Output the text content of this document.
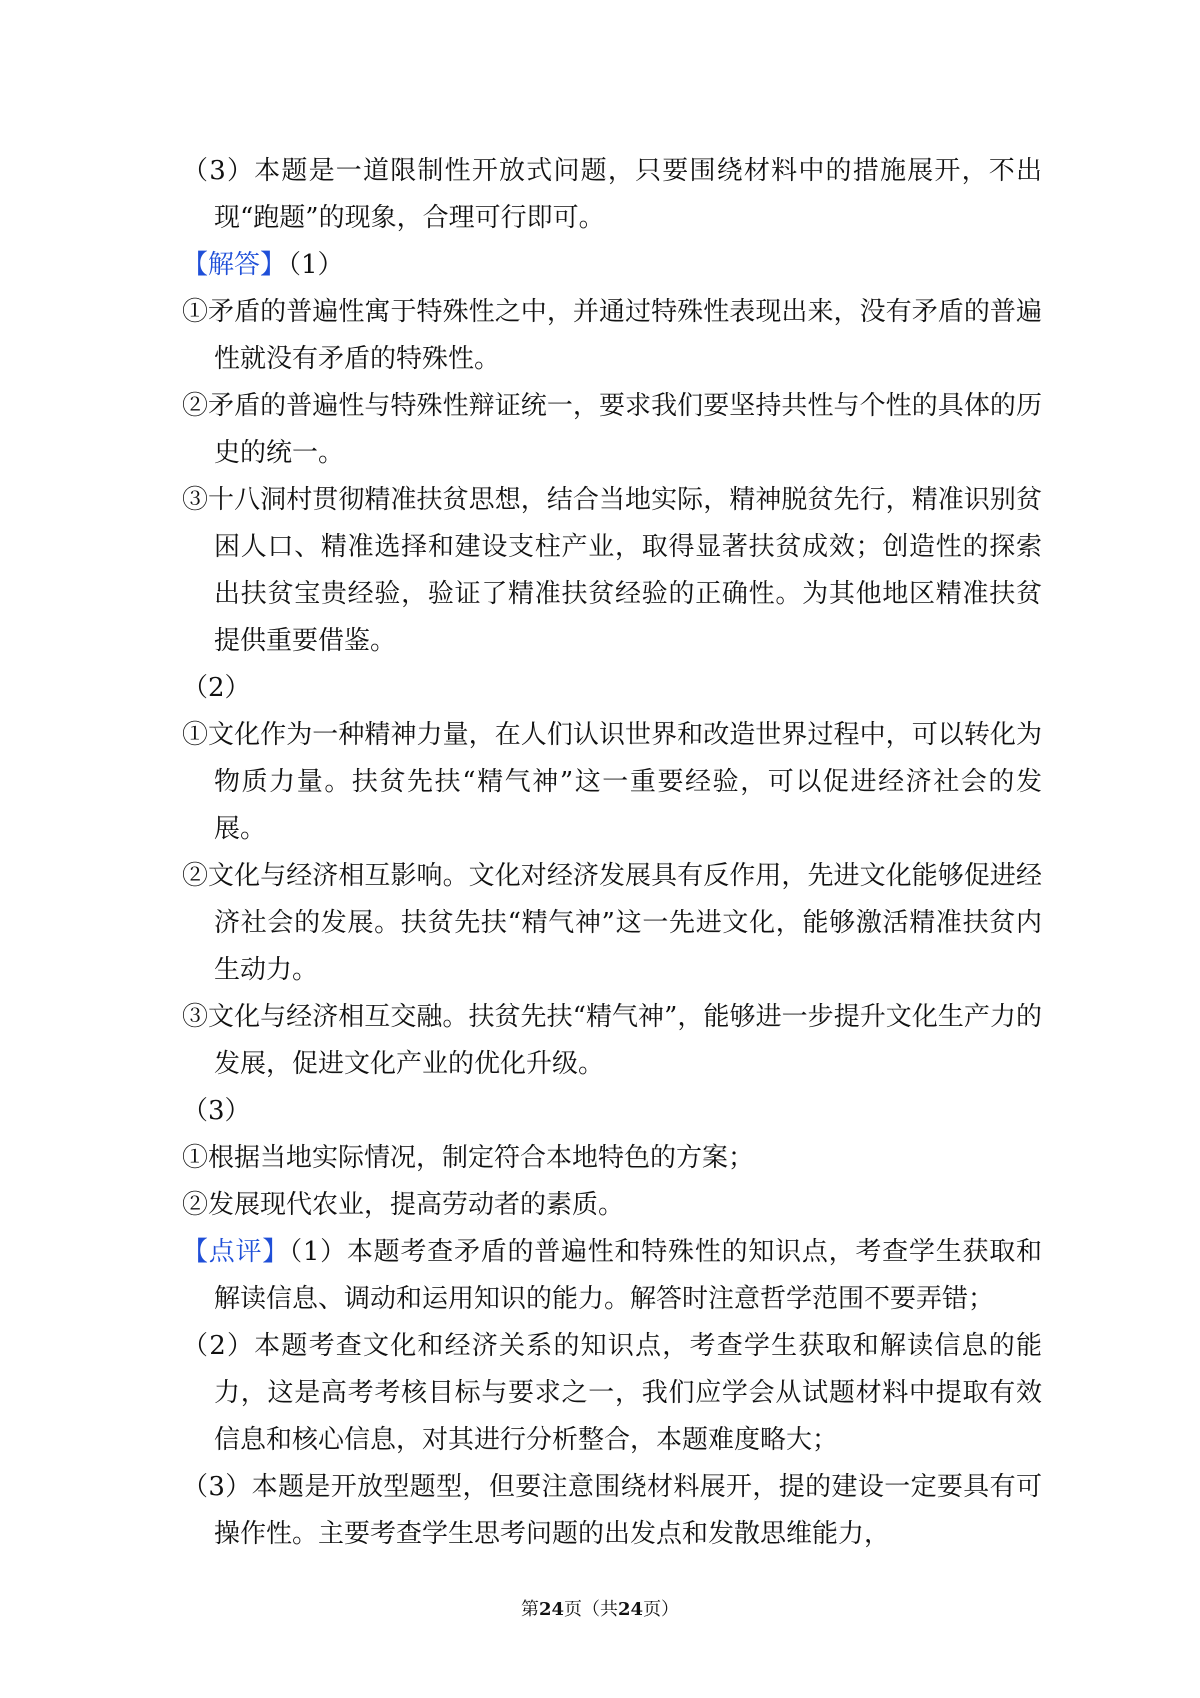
（3）本题是一道限制性开放式问题，只要围绕材料中的措施展开，不出现“跑题”的现象，合理可行即可。

【解答】（1）

①矛盾的普遍性寓于特殊性之中，并通过特殊性表现出来，没有矛盾的普遍性就没有矛盾的特殊性。

②矛盾的普遍性与特殊性辩证统一，要求我们要坚持共性与个性的具体的历史的统一。

③十八洞村贯彻精准扶贫思想，结合当地实际，精神脱贫先行，精准识别贫困人口、精准选择和建设支柱产业，取得显著扶贫成效；创造性的探索出扶贫宝贵经验，验证了精准扶贫经验的正确性。为其他地区精准扶贫提供重要借鉴。

（2）

①文化作为一种精神力量，在人们认识世界和改造世界过程中，可以转化为物质力量。扶贫先扶“精气神”这一重要经验，可以促进经济社会的发展。

②文化与经济相互影响。文化对经济发展具有反作用，先进文化能够促进经济社会的发展。扶贫先扶“精气神”这一先进文化，能够激活精准扶贫内生动力。

③文化与经济相互交融。扶贫先扶“精气神”，能够进一步提升文化生产力的发展，促进文化产业的优化升级。

（3）

①根据当地实际情况，制定符合本地特色的方案；

②发展现代农业，提高劳动者的素质。

【点评】（1）本题考查矛盾的普遍性和特殊性的知识点，考查学生获取和解读信息、调动和运用知识的能力。解答时注意哲学范围不要弄错；

（2）本题考查文化和经济关系的知识点，考查学生获取和解读信息的能力，这是高考考核目标与要求之一，我们应学会从试题材料中提取有效信息和核心信息，对其进行分析整合，本题难度略大；

（3）本题是开放型题型，但要注意围绕材料展开，提的建设一定要具有可操作性。主要考查学生思考问题的出发点和发散思维能力，

第24页（共24页）
